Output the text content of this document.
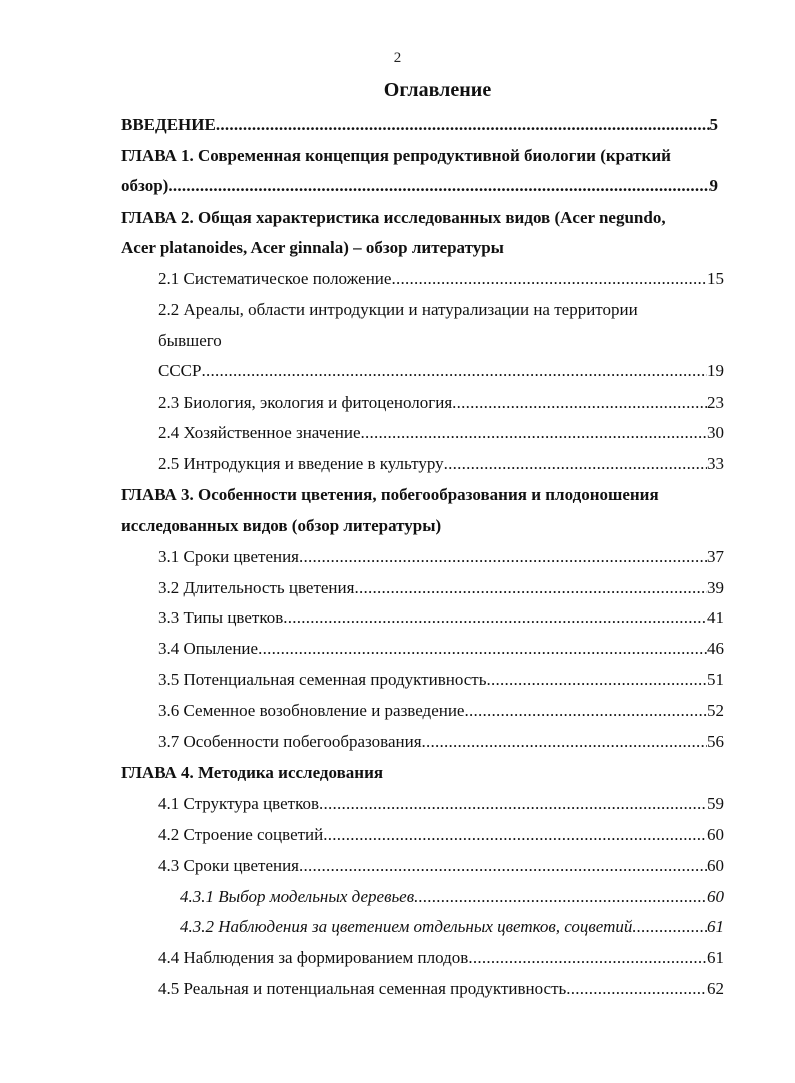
2
Оглавление
ВВЕДЕНИЕ . . .	5
ГЛАВА 1. Современная концепция репродуктивной биологии (краткий
обзор) . . .	9
ГЛАВА 2. Общая характеристика исследованных видов (Acer negundo,
Acer platanoides, Acer ginnala) – обзор литературы
2.1 Систематическое положение . . .	15
2.2 Ареалы, области интродукции и натурализации на территории
бывшего
СССР . . .	19
2.3 Биология, экология и фитоценология . . .	23
2.4 Хозяйственное значение . . .	30
2.5 Интродукция и введение в культуру . . .	33
ГЛАВА 3. Особенности цветения, побегообразования и плодоношения
исследованных видов (обзор литературы)
3.1 Сроки цветения . . .	37
3.2 Длительность цветения . . .	39
3.3 Типы цветков . . .	41
3.4 Опыление . . .	46
3.5 Потенциальная семенная продуктивность . . .	51
3.6 Семенное возобновление и разведение . . .	52
3.7 Особенности побегообразования . . .	56
ГЛАВА 4. Методика исследования
4.1 Структура цветков . . .	59
4.2 Строение соцветий . . .	60
4.3 Сроки цветения . . .	60
4.3.1 Выбор модельных деревьев . . .	60
4.3.2 Наблюдения за цветением отдельных цветков, соцветий . . .	61
4.4 Наблюдения за формированием плодов . . .	61
4.5 Реальная и потенциальная семенная продуктивность . . .	62
